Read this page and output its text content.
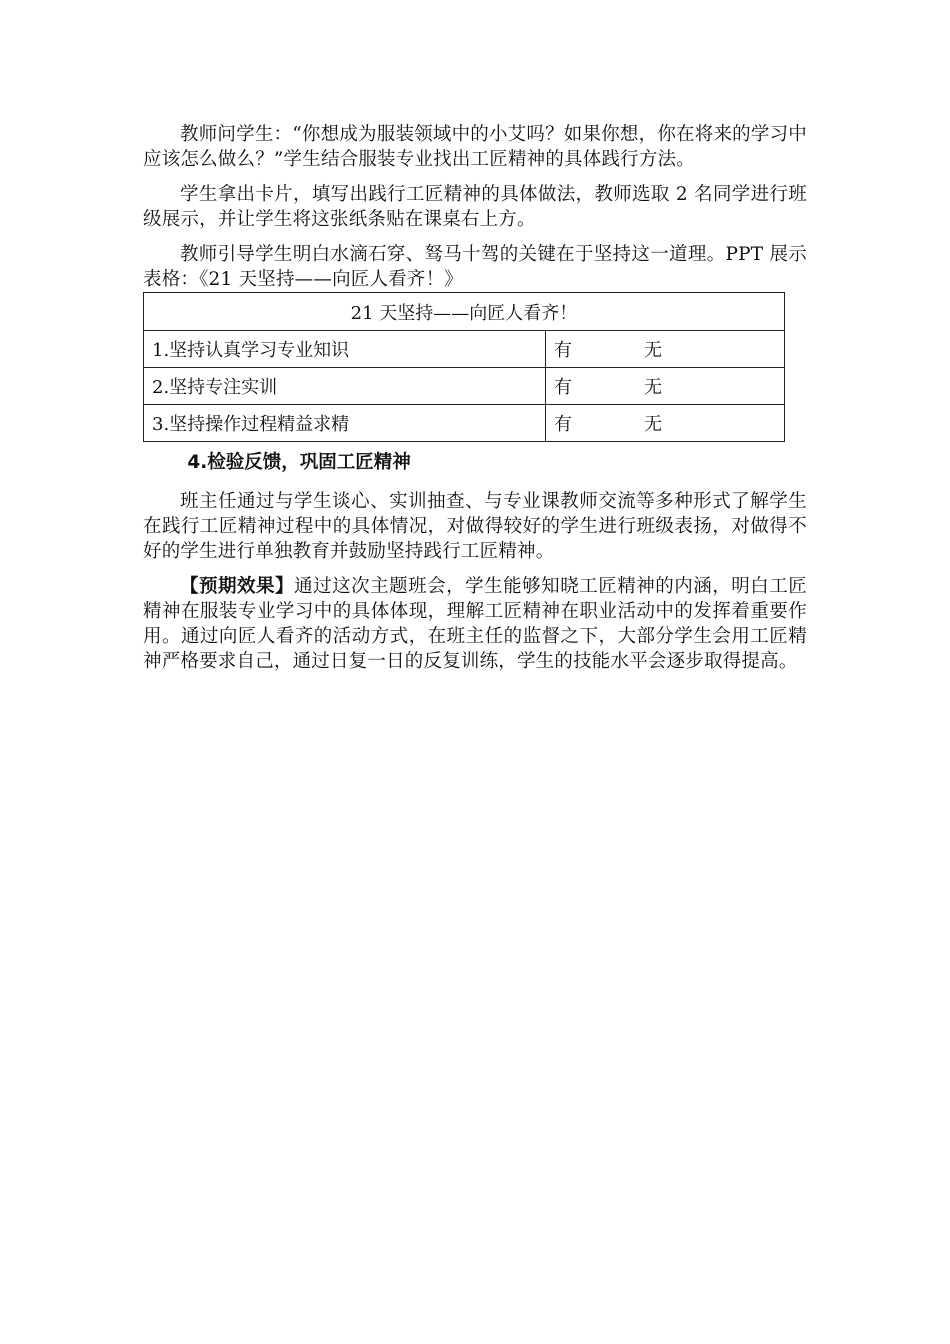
教师问学生：“你想成为服装领域中的小艾吗？如果你想，你在将来的学习中应该怎么做么？”学生结合服装专业找出工匠精神的具体践行方法。

学生拿出卡片，填写出践行工匠精神的具体做法，教师选取 2 名同学进行班级展示，并让学生将这张纸条贴在课桌右上方。

教师引导学生明白水滴石穿、驽马十驾的关键在于坚持这一道理。PPT 展示表格：《21 天坚持——向匠人看齐！》

21 天坚持——向匠人看齐！	
1.坚持认真学习专业知识	有 无
2.坚持专注实训	有 无
3.坚持操作过程精益求精	有 无

4.检验反馈，巩固工匠精神

班主任通过与学生谈心、实训抽查、与专业课教师交流等多种形式了解学生在践行工匠精神过程中的具体情况，对做得较好的学生进行班级表扬，对做得不好的学生进行单独教育并鼓励坚持践行工匠精神。

【预期效果】通过这次主题班会，学生能够知晓工匠精神的内涵，明白工匠精神在服装专业学习中的具体体现，理解工匠精神在职业活动中的发挥着重要作用。通过向匠人看齐的活动方式，在班主任的监督之下，大部分学生会用工匠精神严格要求自己，通过日复一日的反复训练，学生的技能水平会逐步取得提高。
